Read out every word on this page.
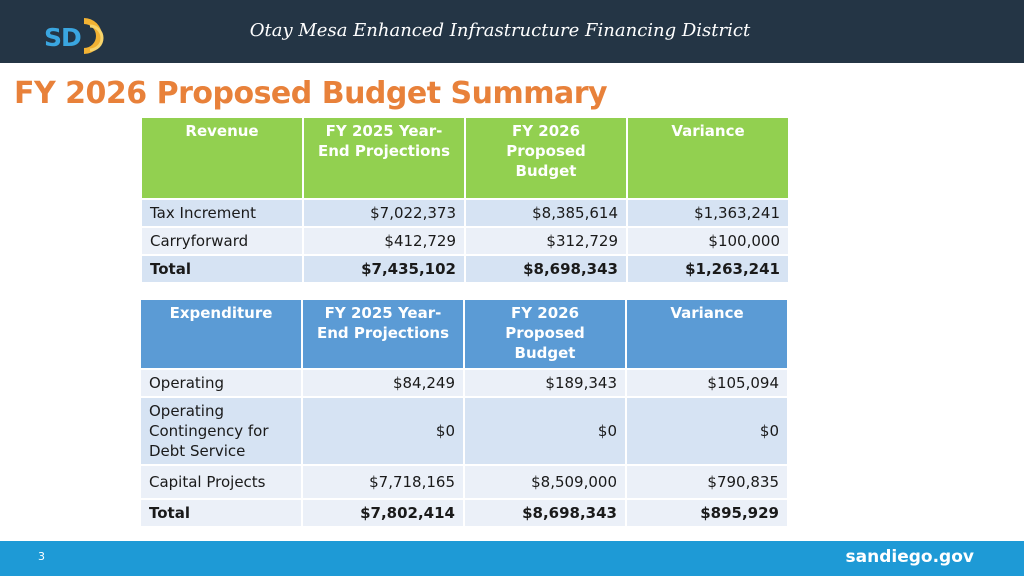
SD	Otay Mesa Enhanced Infrastructure Financing District
FY 2026 Proposed Budget Summary
Revenue	FY 2025 Year-End Projections	FY 2026 Proposed Budget	Variance
Tax Increment	$7,022,373	$8,385,614	$1,363,241
Carryforward	$412,729	$312,729	$100,000
Total	$7,435,102	$8,698,343	$1,263,241
Expenditure	FY 2025 Year-End Projections	FY 2026 Proposed Budget	Variance
Operating	$84,249	$189,343	$105,094
Operating Contingency for Debt Service	$0	$0	$0
Capital Projects	$7,718,165	$8,509,000	$790,835
Total	$7,802,414	$8,698,343	$895,929
3	sandiego.gov
